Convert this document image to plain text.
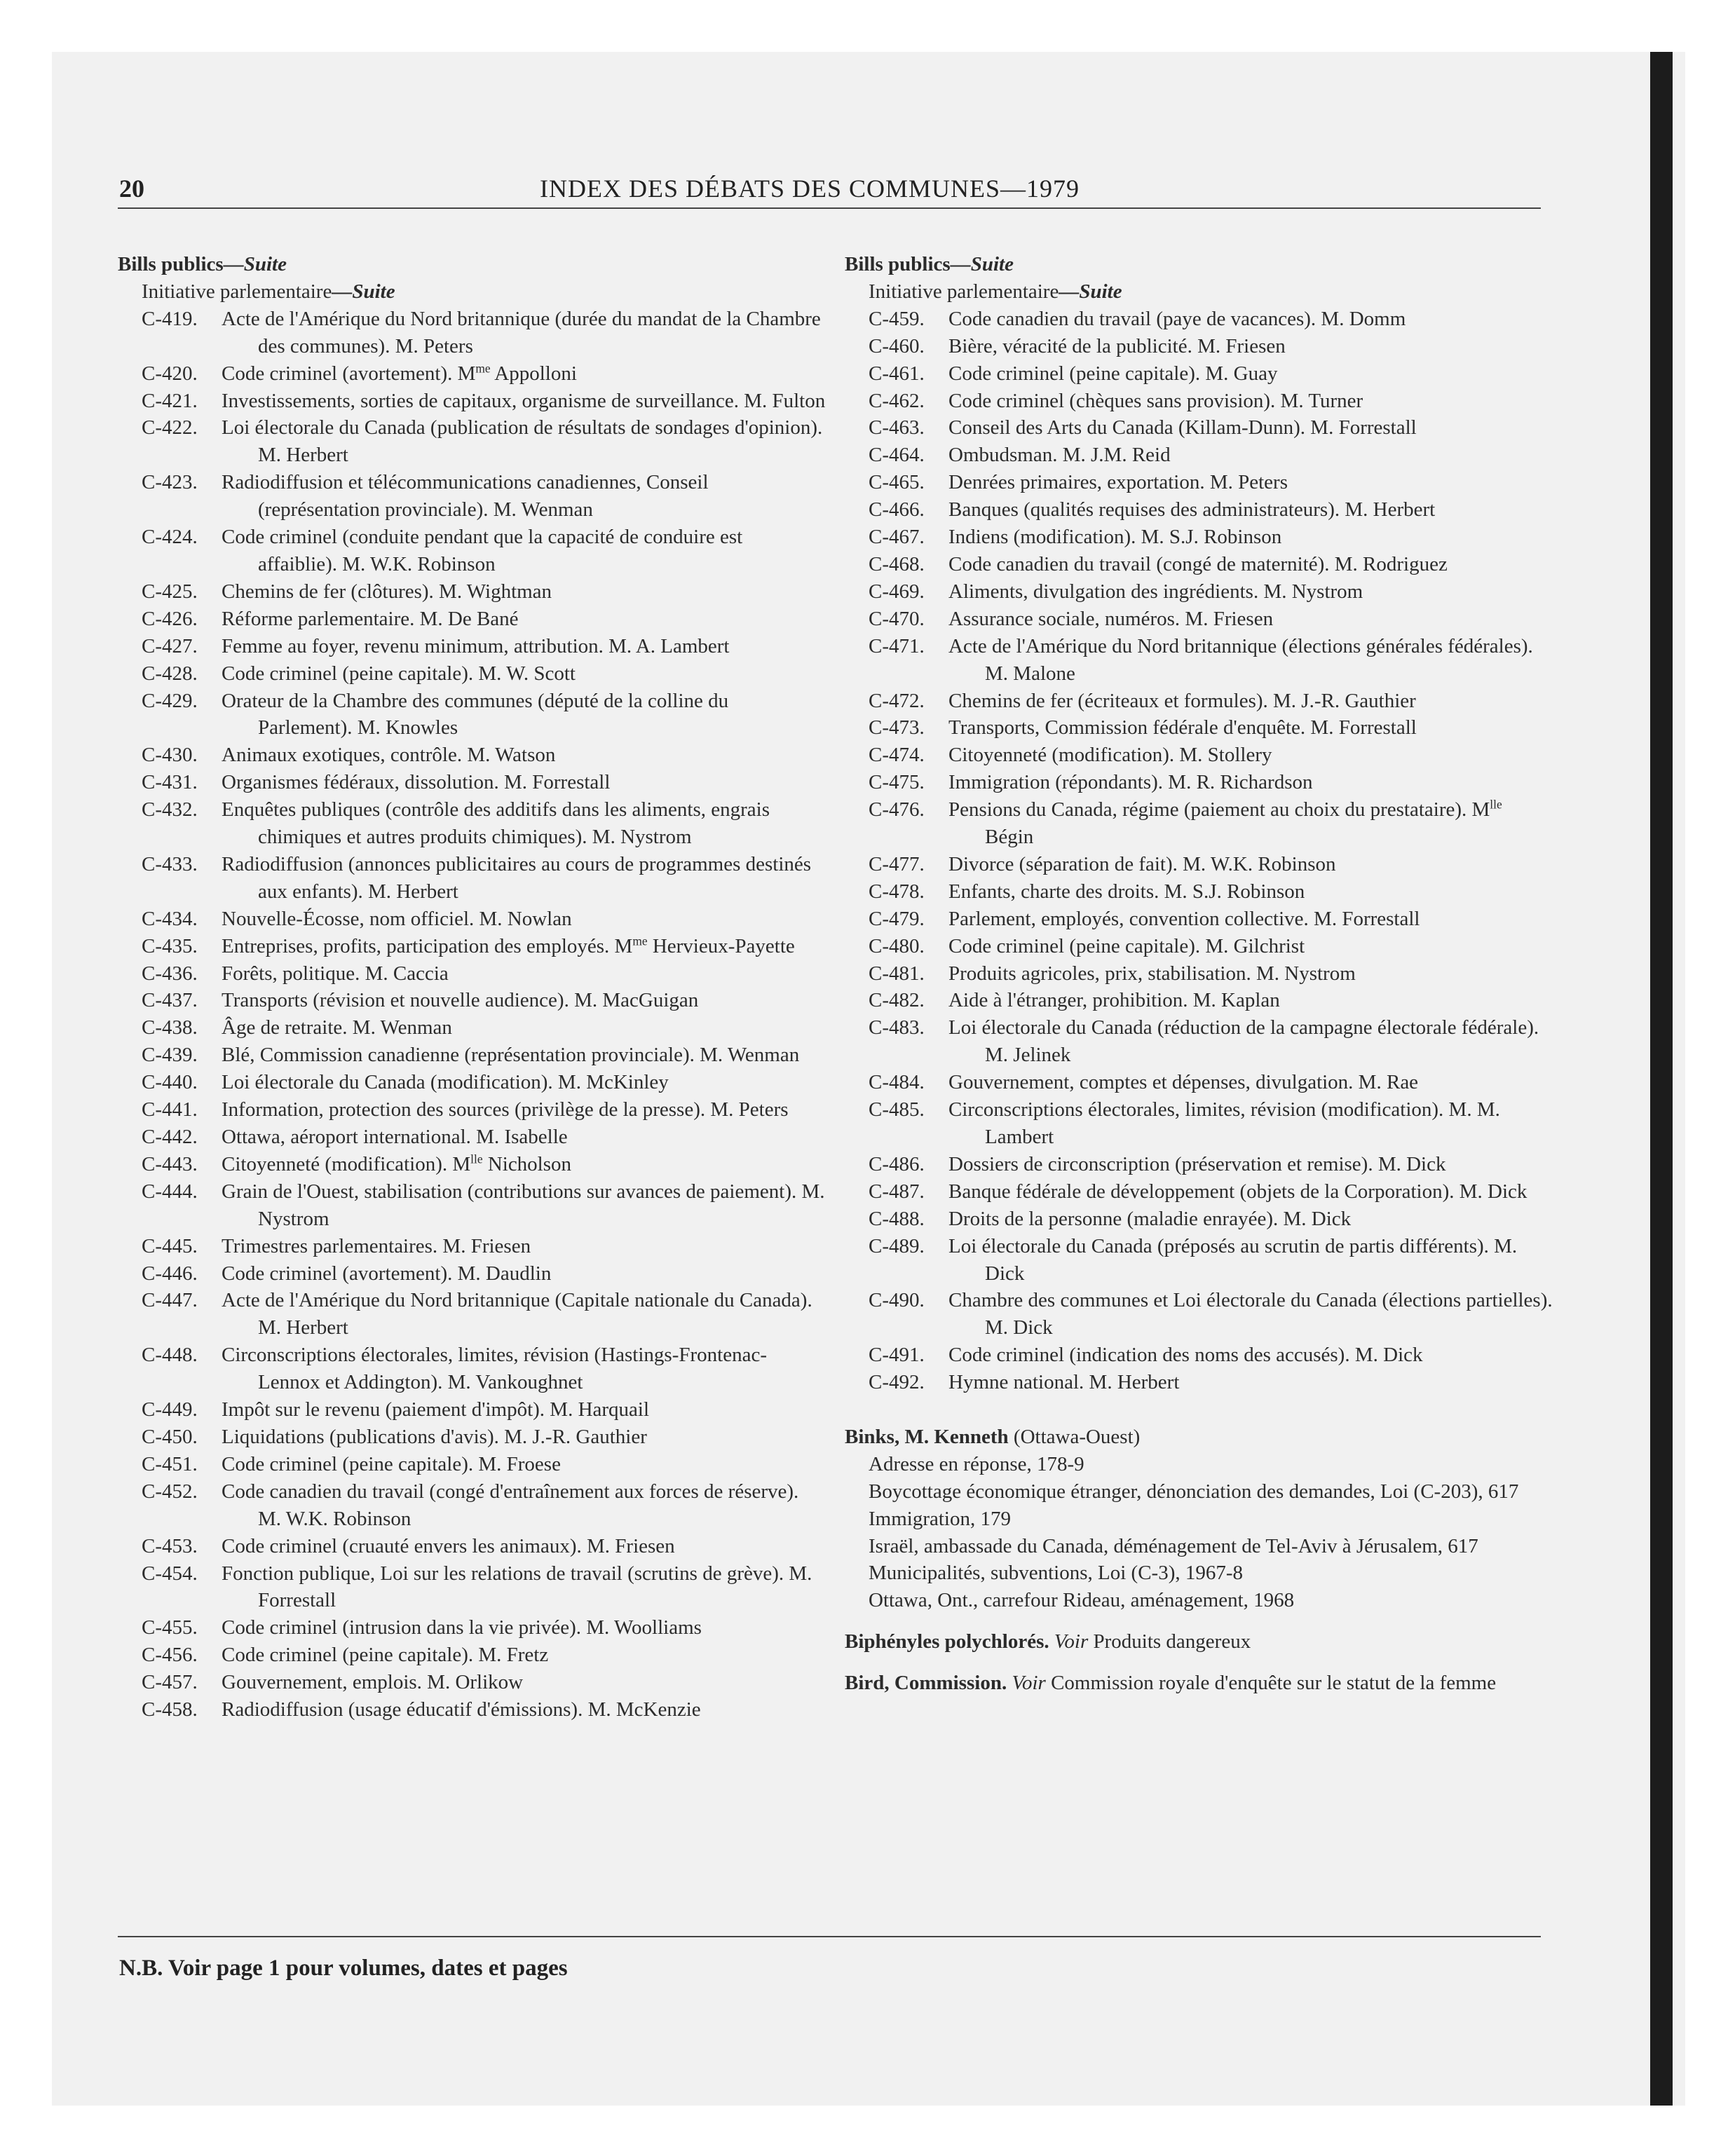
20	INDEX DES DÉBATS DES COMMUNES—1979
Bills publics—Suite
Initiative parlementaire—Suite
C-419.	Acte de l'Amérique du Nord britannique (durée du mandat de la Chambre des communes). M. Peters
C-420.	Code criminel (avortement). $M^{me}$ Appolloni
C-421.	Investissements, sorties de capitaux, organisme de surveillance. M. Fulton
C-422.	Loi électorale du Canada (publication de résultats de sondages d'opinion). M. Herbert
C-423.	Radiodiffusion et télécommunications canadiennes, Conseil (représentation provinciale). M. Wenman
C-424.	Code criminel (conduite pendant que la capacité de conduire est affaiblie). M. W.K. Robinson
C-425.	Chemins de fer (clôtures). M. Wightman
C-426.	Réforme parlementaire. M. De Bané
C-427.	Femme au foyer, revenu minimum, attribution. M. A. Lambert
C-428.	Code criminel (peine capitale). M. W. Scott
C-429.	Orateur de la Chambre des communes (député de la colline du Parlement). M. Knowles
C-430.	Animaux exotiques, contrôle. M. Watson
C-431.	Organismes fédéraux, dissolution. M. Forrestall
C-432.	Enquêtes publiques (contrôle des additifs dans les aliments, engrais chimiques et autres produits chimiques). M. Nystrom
C-433.	Radiodiffusion (annonces publicitaires au cours de programmes destinés aux enfants). M. Herbert
C-434.	Nouvelle-Écosse, nom officiel. M. Nowlan
C-435.	Entreprises, profits, participation des employés. $M^{me}$ Hervieux-Payette
C-436.	Forêts, politique. M. Caccia
C-437.	Transports (révision et nouvelle audience). M. MacGuigan
C-438.	Âge de retraite. M. Wenman
C-439.	Blé, Commission canadienne (représentation provinciale). M. Wenman
C-440.	Loi électorale du Canada (modification). M. McKinley
C-441.	Information, protection des sources (privilège de la presse). M. Peters
C-442.	Ottawa, aéroport international. M. Isabelle
C-443.	Citoyenneté (modification). $M^{lle}$ Nicholson
C-444.	Grain de l'Ouest, stabilisation (contributions sur avances de paiement). M. Nystrom
C-445.	Trimestres parlementaires. M. Friesen
C-446.	Code criminel (avortement). M. Daudlin
C-447.	Acte de l'Amérique du Nord britannique (Capitale nationale du Canada). M. Herbert
C-448.	Circonscriptions électorales, limites, révision (Hastings-Frontenac-Lennox et Addington). M. Vankoughnet
C-449.	Impôt sur le revenu (paiement d'impôt). M. Harquail
C-450.	Liquidations (publications d'avis). M. J.-R. Gauthier
C-451.	Code criminel (peine capitale). M. Froese
C-452.	Code canadien du travail (congé d'entraînement aux forces de réserve). M. W.K. Robinson
C-453.	Code criminel (cruauté envers les animaux). M. Friesen
C-454.	Fonction publique, Loi sur les relations de travail (scrutins de grève). M. Forrestall
C-455.	Code criminel (intrusion dans la vie privée). M. Woolliams
C-456.	Code criminel (peine capitale). M. Fretz
C-457.	Gouvernement, emplois. M. Orlikow
C-458.	Radiodiffusion (usage éducatif d'émissions). M. McKenzie
Bills publics—Suite
Initiative parlementaire—Suite
C-459.	Code canadien du travail (paye de vacances). M. Domm
C-460.	Bière, véracité de la publicité. M. Friesen
C-461.	Code criminel (peine capitale). M. Guay
C-462.	Code criminel (chèques sans provision). M. Turner
C-463.	Conseil des Arts du Canada (Killam-Dunn). M. Forrestall
C-464.	Ombudsman. M. J.M. Reid
C-465.	Denrées primaires, exportation. M. Peters
C-466.	Banques (qualités requises des administrateurs). M. Herbert
C-467.	Indiens (modification). M. S.J. Robinson
C-468.	Code canadien du travail (congé de maternité). M. Rodriguez
C-469.	Aliments, divulgation des ingrédients. M. Nystrom
C-470.	Assurance sociale, numéros. M. Friesen
C-471.	Acte de l'Amérique du Nord britannique (élections générales fédérales). M. Malone
C-472.	Chemins de fer (écriteaux et formules). M. J.-R. Gauthier
C-473.	Transports, Commission fédérale d'enquête. M. Forrestall
C-474.	Citoyenneté (modification). M. Stollery
C-475.	Immigration (répondants). M. R. Richardson
C-476.	Pensions du Canada, régime (paiement au choix du prestataire). $M^{lle}$ Bégin
C-477.	Divorce (séparation de fait). M. W.K. Robinson
C-478.	Enfants, charte des droits. M. S.J. Robinson
C-479.	Parlement, employés, convention collective. M. Forrestall
C-480.	Code criminel (peine capitale). M. Gilchrist
C-481.	Produits agricoles, prix, stabilisation. M. Nystrom
C-482.	Aide à l'étranger, prohibition. M. Kaplan
C-483.	Loi électorale du Canada (réduction de la campagne électorale fédérale). M. Jelinek
C-484.	Gouvernement, comptes et dépenses, divulgation. M. Rae
C-485.	Circonscriptions électorales, limites, révision (modification). M. M. Lambert
C-486.	Dossiers de circonscription (préservation et remise). M. Dick
C-487.	Banque fédérale de développement (objets de la Corporation). M. Dick
C-488.	Droits de la personne (maladie enrayée). M. Dick
C-489.	Loi électorale du Canada (préposés au scrutin de partis différents). M. Dick
C-490.	Chambre des communes et Loi électorale du Canada (élections partielles). M. Dick
C-491.	Code criminel (indication des noms des accusés). M. Dick
C-492.	Hymne national. M. Herbert
Binks, M. Kenneth (Ottawa-Ouest)
Adresse en réponse, 178-9
Boycottage économique étranger, dénonciation des demandes, Loi (C-203), 617
Immigration, 179
Israël, ambassade du Canada, déménagement de Tel-Aviv à Jérusalem, 617
Municipalités, subventions, Loi (C-3), 1967-8
Ottawa, Ont., carrefour Rideau, aménagement, 1968
Biphényles polychlorés. Voir Produits dangereux
Bird, Commission. Voir Commission royale d'enquête sur le statut de la femme
N.B. Voir page 1 pour volumes, dates et pages
